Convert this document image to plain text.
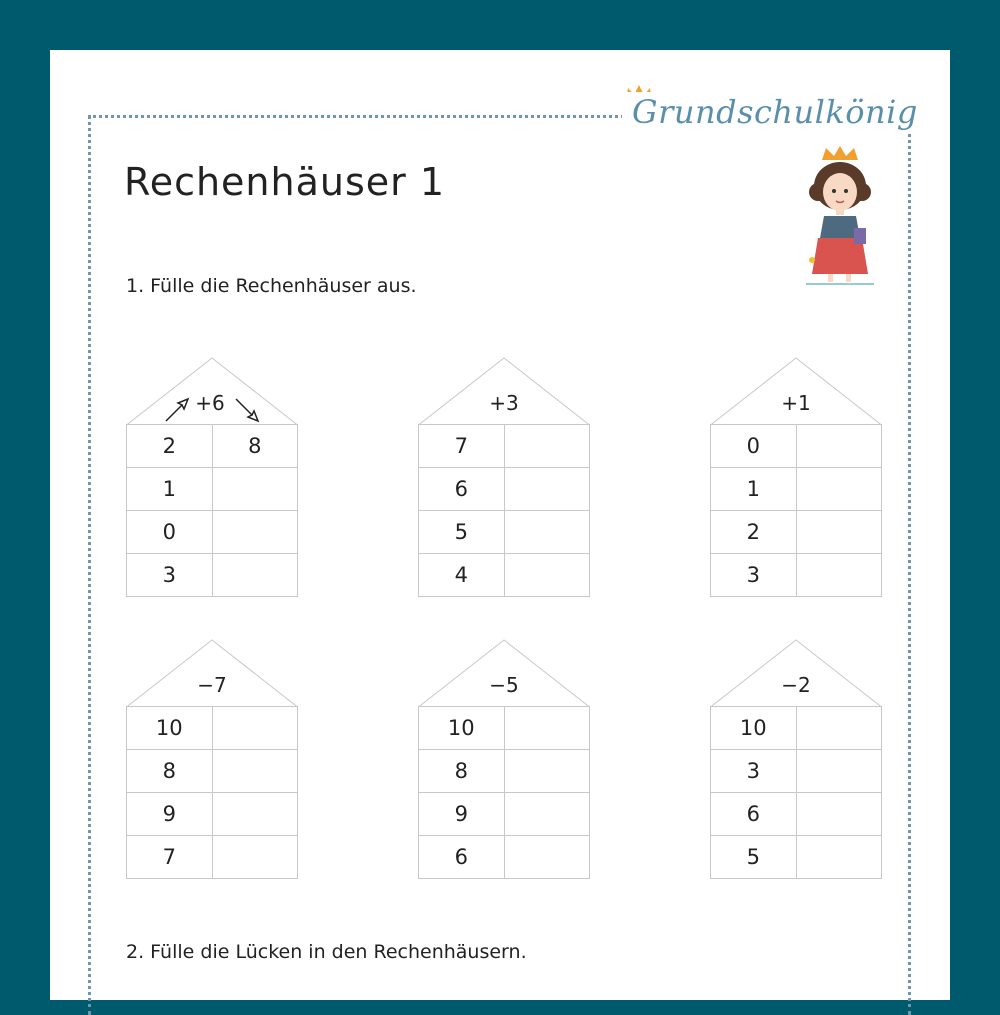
Grundschulkönig
Rechenhäuser 1
1. Fülle die Rechenhäuser aus.
+6
2	8
1	
0	
3	
+3
7	
6	
5	
4	
+1
0	
1	
2	
3	
−7
10	
8	
9	
7	
−5
10	
8	
9	
6	
−2
10	
3	
6	
5	
2. Fülle die Lücken in den Rechenhäusern.
